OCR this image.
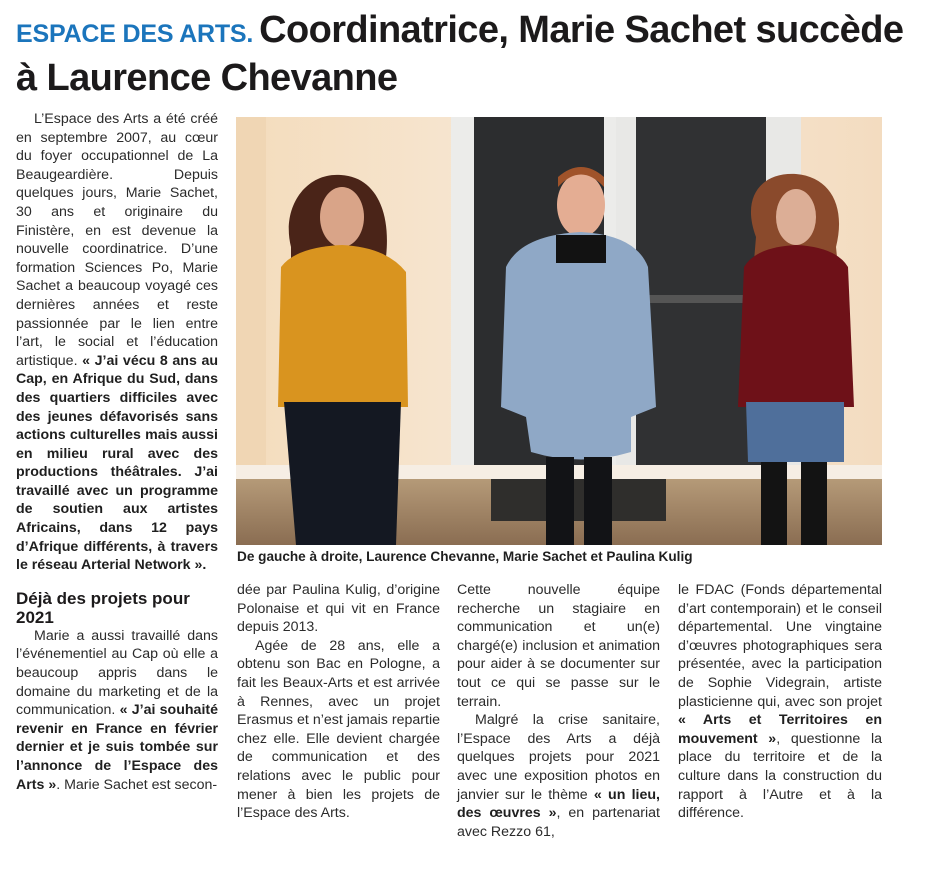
ESPACE DES ARTS. Coordinatrice, Marie Sachet succède à Laurence Chevanne

L’Espace des Arts a été créé en septembre 2007, au cœur du foyer occupationnel de La Beaugeardière. Depuis quelques jours, Marie Sachet, 30 ans et originaire du Finistère, en est devenue la nouvelle coordinatrice. D’une formation Sciences Po, Marie Sachet a beaucoup voyagé ces dernières années et reste passionnée par le lien entre l’art, le social et l’éducation artistique. « J’ai vécu 8 ans au Cap, en Afrique du Sud, dans des quartiers difficiles avec des jeunes défavorisés sans actions culturelles mais aussi en milieu rural avec des productions théâtrales. J’ai travaillé avec un programme de soutien aux artistes Africains, dans 12 pays d’Afrique différents, à travers le réseau Arterial Network ».

Déjà des projets pour 2021

Marie a aussi travaillé dans l’événementiel au Cap où elle a beaucoup appris dans le domaine du marketing et de la communication. « J’ai souhaité revenir en France en février dernier et je suis tombée sur l’annonce de l’Espace des Arts ». Marie Sachet est secon-

De gauche à droite, Laurence Chevanne, Marie Sachet et Paulina Kulig

dée par Paulina Kulig, d’origine Polonaise et qui vit en France depuis 2013.

Agée de 28 ans, elle a obtenu son Bac en Pologne, a fait les Beaux-Arts et est arrivée à Rennes, avec un projet Erasmus et n’est jamais repartie chez elle. Elle devient chargée de communication et des relations avec le public pour mener à bien les projets de l’Espace des Arts.

Cette nouvelle équipe recherche un stagiaire en communication et un(e) chargé(e) inclusion et animation pour aider à se documenter sur tout ce qui se passe sur le terrain.

Malgré la crise sanitaire, l’Espace des Arts a déjà quelques projets pour 2021 avec une exposition photos en janvier sur le thème « un lieu, des œuvres », en partenariat avec Rezzo 61,

le FDAC (Fonds départemental d’art contemporain) et le conseil départemental. Une vingtaine d’œuvres photographiques sera présentée, avec la participation de Sophie Videgrain, artiste plasticienne qui, avec son projet « Arts et Territoires en mouvement », questionne la place du territoire et de la culture dans la construction du rapport à l’Autre et à la différence.
